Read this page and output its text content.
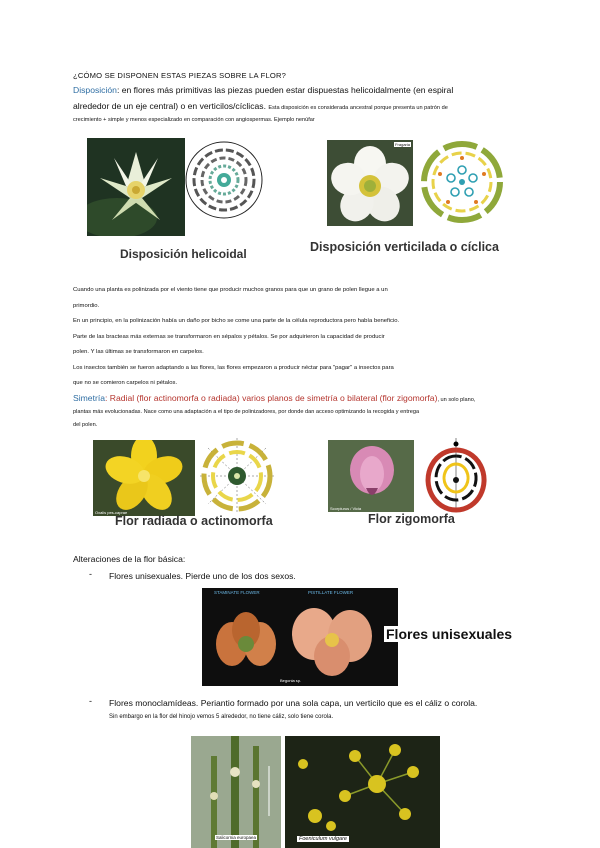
¿CÓMO SE DISPONEN ESTAS PIEZAS SOBRE LA FLOR?
Disposición: en flores más primitivas las piezas pueden estar dispuestas helicoidalmente (en espiral
alrededor de un eje central) o en verticilos/cíclicas. Esta disposición es considerada ancestral porque presenta un patrón de
crecimiento + simple y menos especializado en comparación con angiospermas. Ejemplo nenúfar
Disposición helicoidal
Fragaria
Disposición verticilada o cíclica
Cuando una planta es polinizada por el viento tiene que producir muchos granos para que un grano de polen llegue a un
primordio.
En un principio, en la polinización había un daño por bicho se come una parte de la célula reproductora pero había beneficio.
Parte de las bracteas más externas se transformaron en sépalos y pétalos. Se por adquirieron la capacidad de producir
polen. Y las últimas se transformaron en carpelos.
Los insectos también se fueron adaptando a las flores, las flores empezaron a producir néctar para "pagar" a insectos para
que no se comieron carpelos ni pétalos.
Simetría: Radial (flor actinomorfa o radiada) varios planos de simetría o bilateral (flor zigomorfa), un solo plano,
plantas más evolucionadas. Nace como una adaptación a el tipo de polinizadores, por donde dan acceso optimizando la recogida y entrega
del polen.
Oxalis pes-caprae
Flor radiada o actinomorfa
Scorpiurus / Vicia
Flor zigomorfa
Alteraciones de la flor básica:
- Flores unisexuales. Pierde uno de los dos sexos.
STAMINATE FLOWER	PISTILLATE FLOWER
Begonia sp.
Flores unisexuales
- Flores monoclamídeas. Periantio formado por una sola capa, un verticilo que es el cáliz o corola.
Sin embargo en la flor del hinojo vemos 5 alrededor, no tiene cáliz, solo tiene corola.
Salicornia europaea	Foeniculum vulgare
